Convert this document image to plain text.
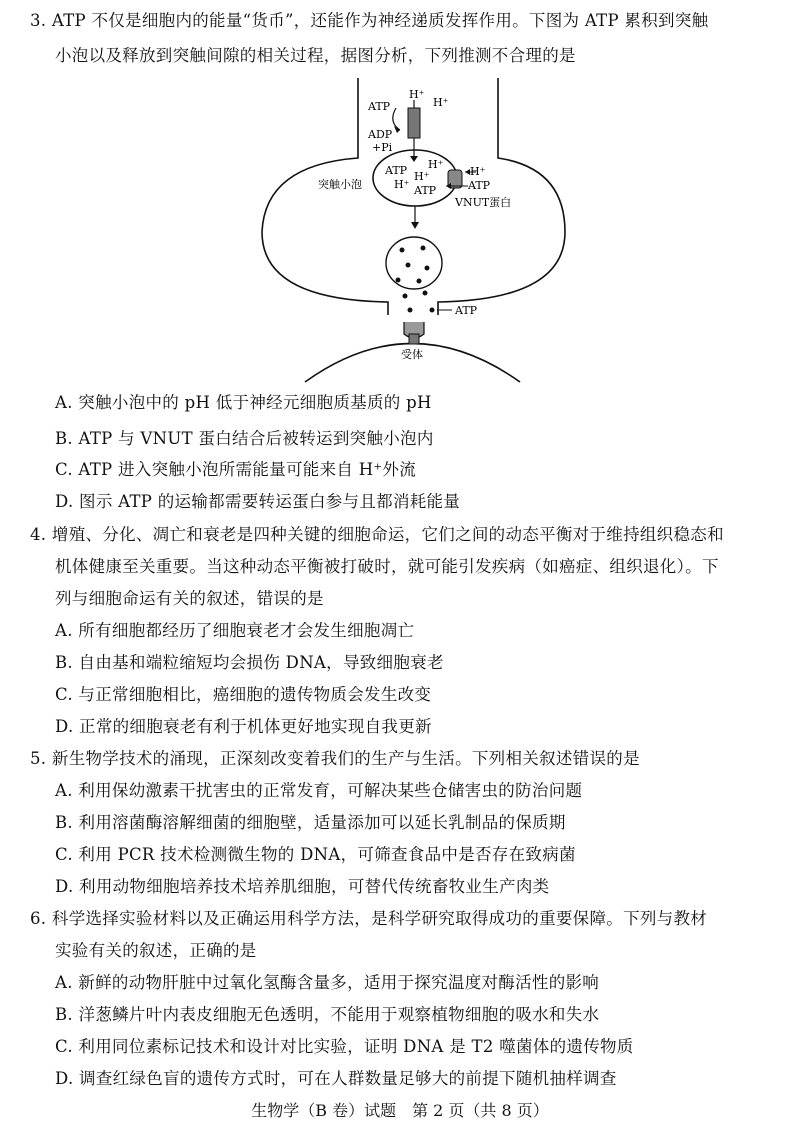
3. ATP 不仅是细胞内的能量“货币”，还能作为神经递质发挥作用。下图为 ATP 累积到突触
小泡以及释放到突触间隙的相关过程，据图分析，下列推测不合理的是
ATP
H⁺
H⁺
ADP
+Pi
突触小泡
ATP
H⁺
H⁺
ATP
H⁺
H⁺
ATP
VNUT蛋白
ATP
受体
A. 突触小泡中的 pH 低于神经元细胞质基质的 pH
B. ATP 与 VNUT 蛋白结合后被转运到突触小泡内
C. ATP 进入突触小泡所需能量可能来自 H⁺外流
D. 图示 ATP 的运输都需要转运蛋白参与且都消耗能量
4. 增殖、分化、凋亡和衰老是四种关键的细胞命运，它们之间的动态平衡对于维持组织稳态和
机体健康至关重要。当这种动态平衡被打破时，就可能引发疾病（如癌症、组织退化）。下
列与细胞命运有关的叙述，错误的是
A. 所有细胞都经历了细胞衰老才会发生细胞凋亡
B. 自由基和端粒缩短均会损伤 DNA，导致细胞衰老
C. 与正常细胞相比，癌细胞的遗传物质会发生改变
D. 正常的细胞衰老有利于机体更好地实现自我更新
5. 新生物学技术的涌现，正深刻改变着我们的生产与生活。下列相关叙述错误的是
A. 利用保幼激素干扰害虫的正常发育，可解决某些仓储害虫的防治问题
B. 利用溶菌酶溶解细菌的细胞壁，适量添加可以延长乳制品的保质期
C. 利用 PCR 技术检测微生物的 DNA，可筛查食品中是否存在致病菌
D. 利用动物细胞培养技术培养肌细胞，可替代传统畜牧业生产肉类
6. 科学选择实验材料以及正确运用科学方法，是科学研究取得成功的重要保障。下列与教材
实验有关的叙述，正确的是
A. 新鲜的动物肝脏中过氧化氢酶含量多，适用于探究温度对酶活性的影响
B. 洋葱鳞片叶内表皮细胞无色透明，不能用于观察植物细胞的吸水和失水
C. 利用同位素标记技术和设计对比实验，证明 DNA 是 T2 噬菌体的遗传物质
D. 调查红绿色盲的遗传方式时，可在人群数量足够大的前提下随机抽样调查
生物学（B 卷）试题　第 2 页（共 8 页）
